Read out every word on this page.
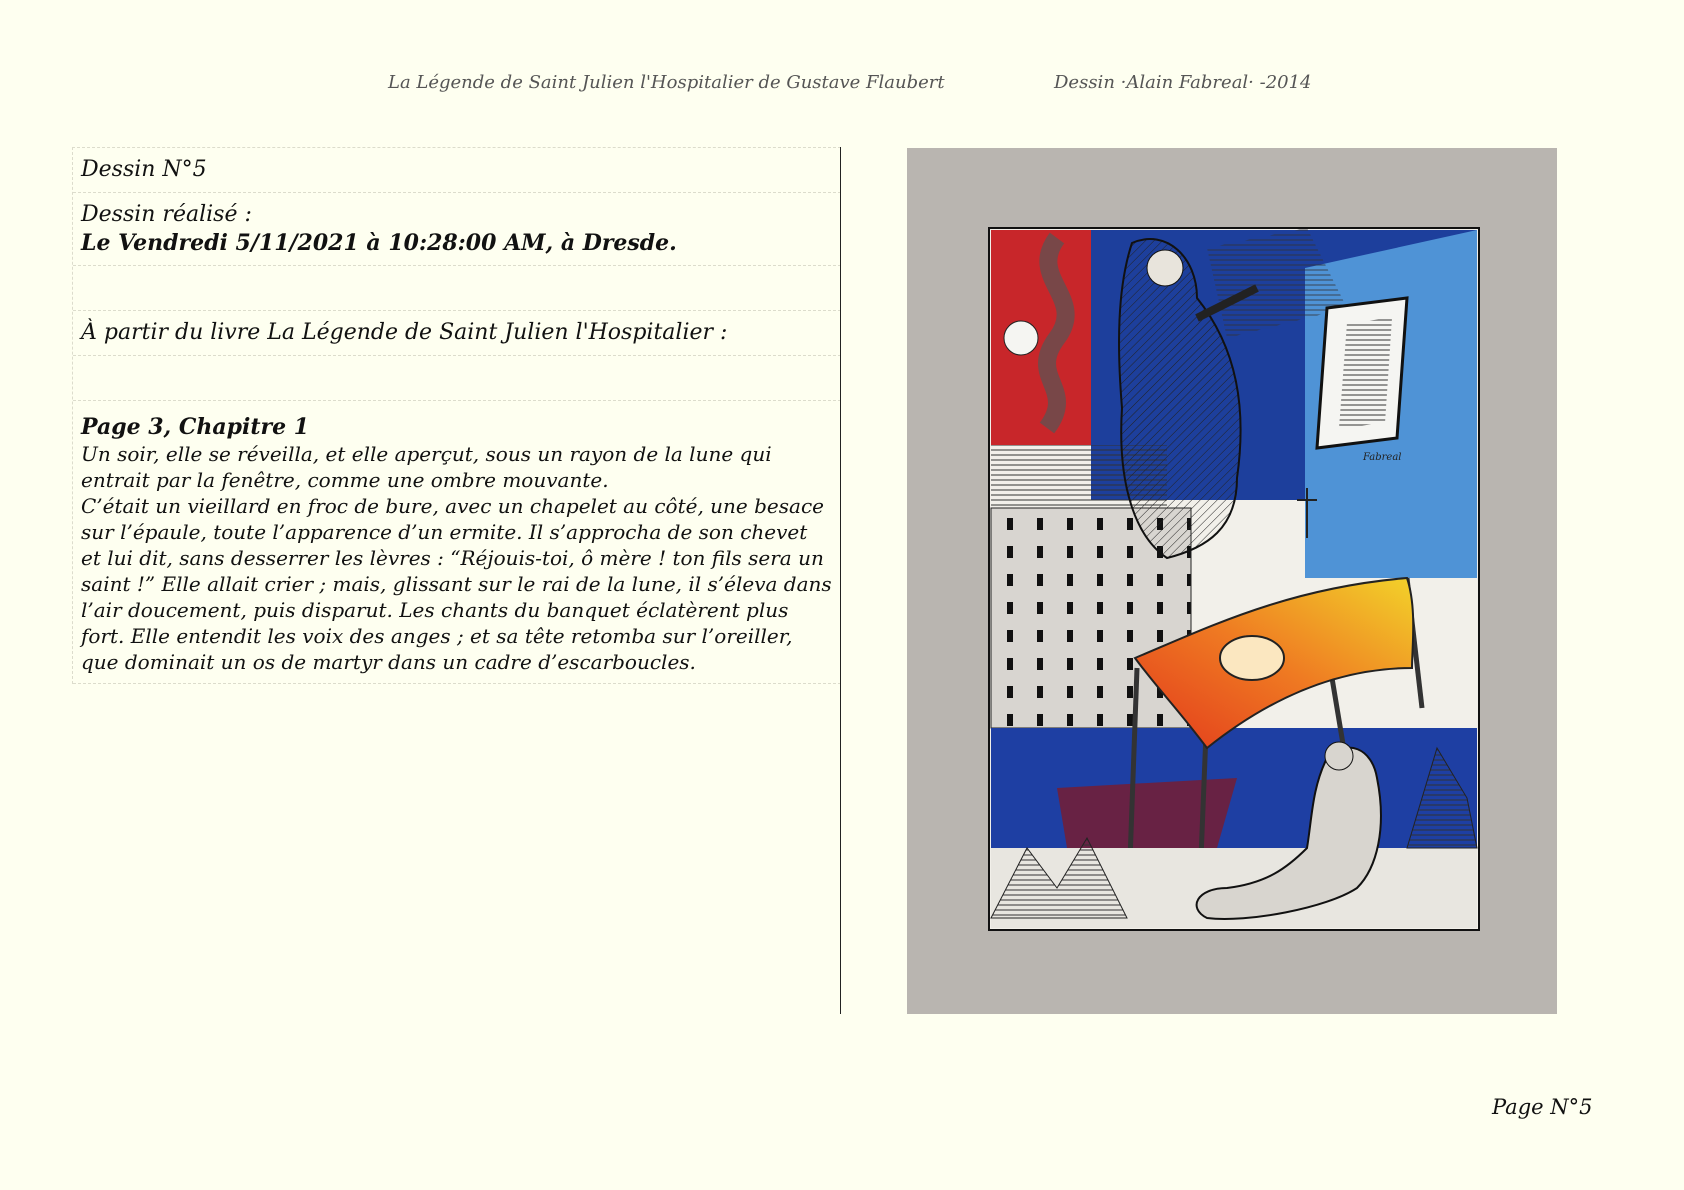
La Légende de Saint Julien l'Hospitalier de Gustave Flaubert	Dessin ·Alain Fabreal· -2014
Dessin N°5
Dessin réalisé :
Le Vendredi 5/11/2021 à 10:28:00 AM, à Dresde.
À partir du livre La Légende de Saint Julien l'Hospitalier :
Page 3, Chapitre 1

Un soir, elle se réveilla, et elle aperçut, sous un rayon de la lune qui entrait par la fenêtre, comme une ombre mouvante.

C’était un vieillard en froc de bure, avec un chapelet au côté, une besace sur l’épaule, toute l’apparence d’un ermite. Il s’approcha de son chevet et lui dit, sans desserrer les lèvres : “Réjouis-toi, ô mère ! ton fils sera un saint !” Elle allait crier ; mais, glissant sur le rai de la lune, il s’éleva dans l’air doucement, puis disparut. Les chants du banquet éclatèrent plus fort. Elle entendit les voix des anges ; et sa tête retomba sur l’oreiller, que dominait un os de martyr dans un cadre d’escarboucles.

Fabreal
Page N°5
